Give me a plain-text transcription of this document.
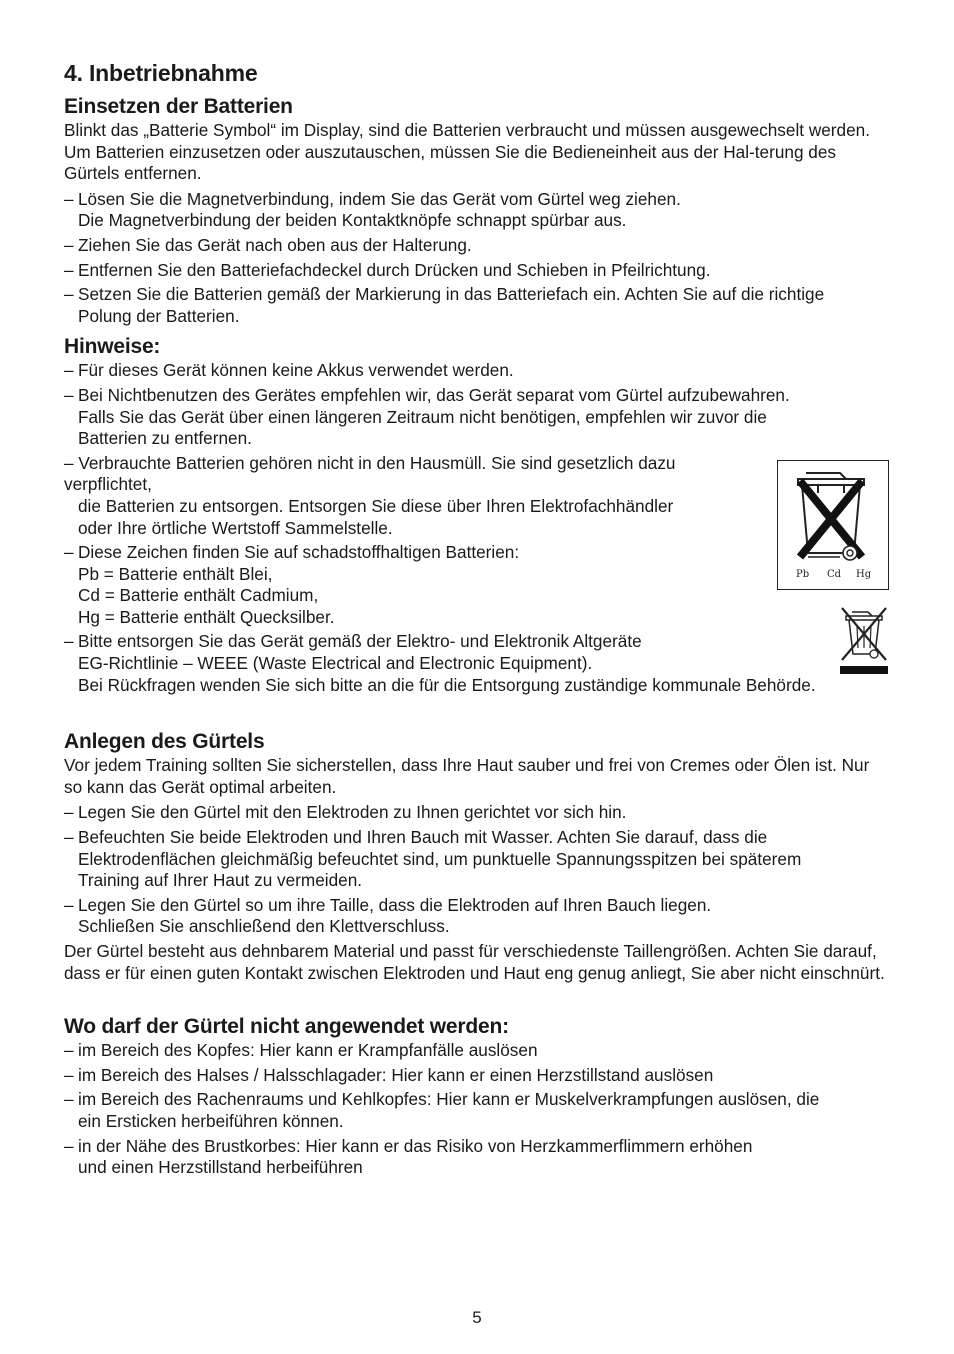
4. Inbetriebnahme
Einsetzen der Batterien

Blinkt das „Batterie Symbol“ im Display, sind die Batterien verbraucht und müssen ausgewechselt werden. Um Batterien einzusetzen oder auszutauschen, müssen Sie die Bedieneinheit aus der Hal-terung des Gürtels entfernen.

– Lösen Sie die Magnetverbindung, indem Sie das Gerät vom Gürtel weg ziehen.
Die Magnetverbindung der beiden Kontaktknöpfe schnappt spürbar aus.
– Ziehen Sie das Gerät nach oben aus der Halterung.
– Entfernen Sie den Batteriefachdeckel durch Drücken und Schieben in Pfeilrichtung.
– Setzen Sie die Batterien gemäß der Markierung in das Batteriefach ein. Achten Sie auf die richtige
Polung der Batterien.
Hinweise:
– Für dieses Gerät können keine Akkus verwendet werden.
– Bei Nichtbenutzen des Gerätes empfehlen wir, das Gerät separat vom Gürtel aufzubewahren.
Falls Sie das Gerät über einen längeren Zeitraum nicht benötigen, empfehlen wir zuvor die
Batterien zu entfernen.
– Verbrauchte Batterien gehören nicht in den Hausmüll. Sie sind gesetzlich dazu
verpflichtet,
die Batterien zu entsorgen. Entsorgen Sie diese über Ihren Elektrofachhändler
oder Ihre örtliche Wertstoff Sammelstelle.
– Diese Zeichen finden Sie auf schadstoffhaltigen Batterien:
Pb = Batterie enthält Blei,
Cd = Batterie enthält Cadmium,
Hg = Batterie enthält Quecksilber.
– Bitte entsorgen Sie das Gerät gemäß der Elektro- und Elektronik Altgeräte
EG-Richtlinie – WEEE (Waste Electrical and Electronic Equipment).
Bei Rückfragen wenden Sie sich bitte an die für die Entsorgung zuständige kommunale Behörde.
Anlegen des Gürtels

Vor jedem Training sollten Sie sicherstellen, dass Ihre Haut sauber und frei von Cremes oder Ölen ist. Nur so kann das Gerät optimal arbeiten.

– Legen Sie den Gürtel mit den Elektroden zu Ihnen gerichtet vor sich hin.
– Befeuchten Sie beide Elektroden und Ihren Bauch mit Wasser. Achten Sie darauf, dass die
Elektrodenflächen gleichmäßig befeuchtet sind, um punktuelle Spannungsspitzen bei späterem
Training auf Ihrer Haut zu vermeiden.
– Legen Sie den Gürtel so um ihre Taille, dass die Elektroden auf Ihren Bauch liegen.
Schließen Sie anschließend den Klettverschluss.

Der Gürtel besteht aus dehnbarem Material und passt für verschiedenste Taillengrößen. Achten Sie darauf, dass er für einen guten Kontakt zwischen Elektroden und Haut eng genug anliegt, Sie aber nicht einschnürt.

Wo darf der Gürtel nicht angewendet werden:
– im Bereich des Kopfes: Hier kann er Krampfanfälle auslösen
– im Bereich des Halses / Halsschlagader: Hier kann er einen Herzstillstand auslösen
– im Bereich des Rachenraums und Kehlkopfes: Hier kann er Muskelverkrampfungen auslösen, die
ein Ersticken herbeiführen können.
– in der Nähe des Brustkorbes: Hier kann er das Risiko von Herzkammerflimmern erhöhen
und einen Herzstillstand herbeiführen
Pb Cd Hg
5
